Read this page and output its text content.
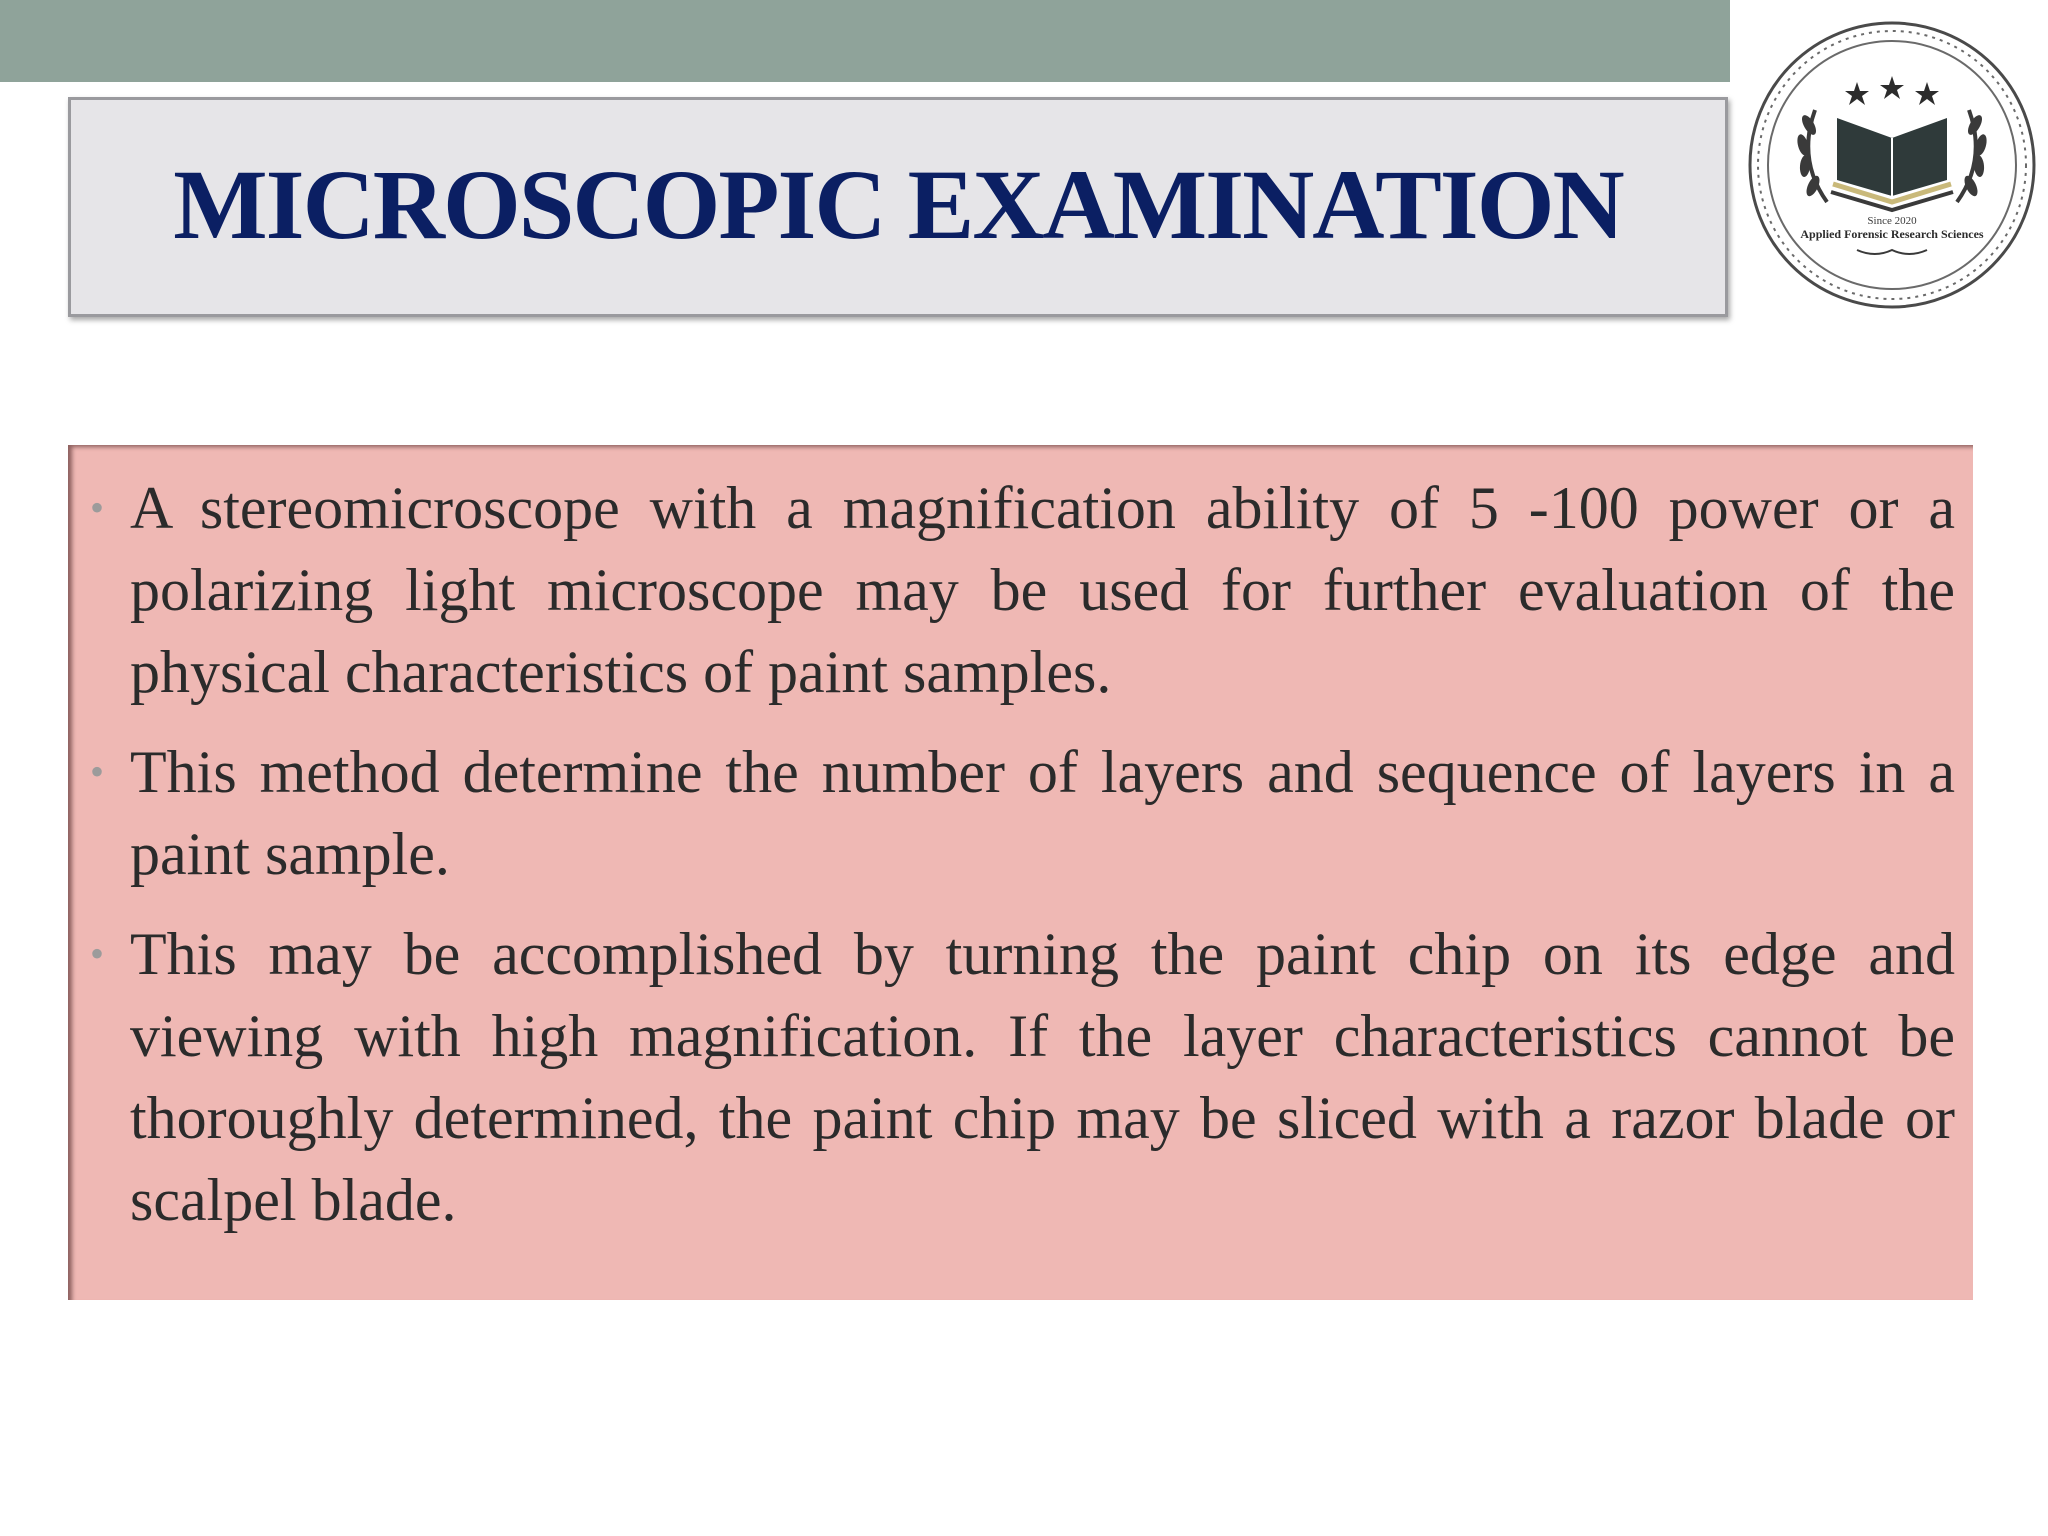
MICROSCOPIC EXAMINATION	Since 2020
Applied Forensic Research Sciences
• A stereomicroscope with a magnification ability of 5 -100 power or a polarizing light microscope may be used for further evaluation of the physical characteristics of paint samples.
• This method determine the number of layers and sequence of layers in a paint sample.
• This may be accomplished by turning the paint chip on its edge and viewing with high magnification. If the layer characteristics cannot be thoroughly determined, the paint chip may be sliced with a razor blade or scalpel blade.
